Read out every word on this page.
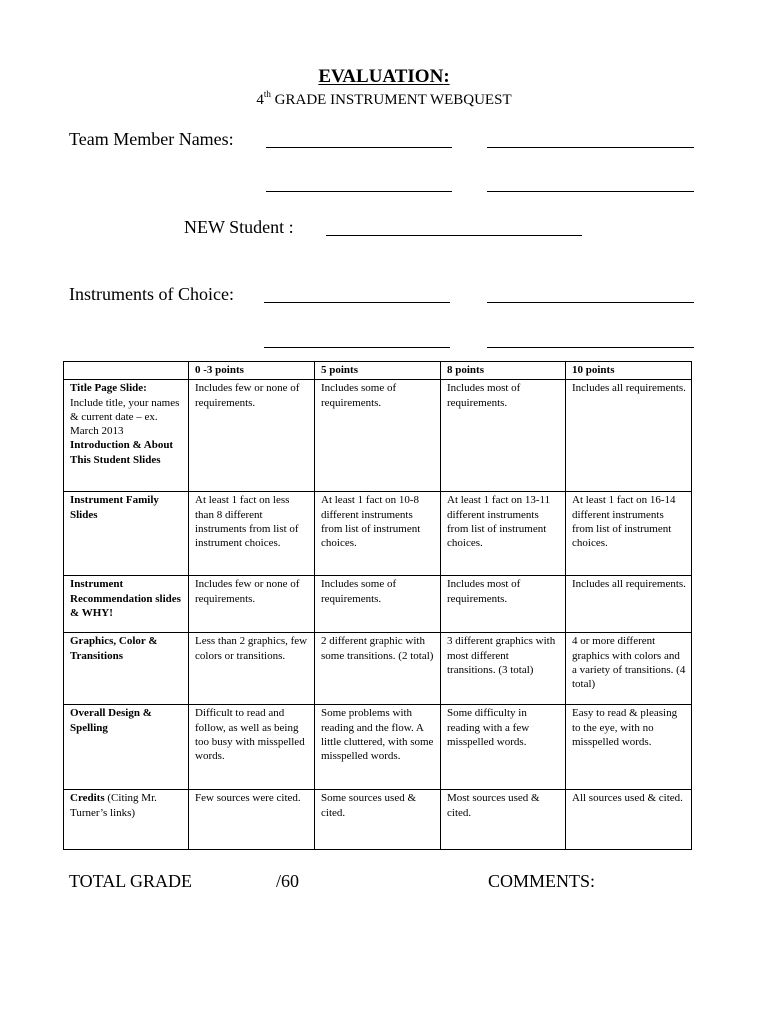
EVALUATION:
4th GRADE INSTRUMENT WEBQUEST
Team Member Names:
NEW Student :
Instruments of Choice:
	0 -3 points	5 points	8 points	10 points
Title Page Slide:
Include title, your names & current date – ex. March 2013
Introduction & About This Student Slides	Includes few or none of requirements.	Includes some of requirements.	Includes most of requirements.	Includes all requirements.
Instrument Family Slides	At least 1 fact on less than 8 different instruments from list of instrument choices.	At least 1 fact on 10-8 different instruments from list of instrument choices.	At least 1 fact on 13-11 different instruments from list of instrument choices.	At least 1 fact on 16-14 different instruments from list of instrument choices.
Instrument Recommendation slides & WHY!	Includes few or none of requirements.	Includes some of requirements.	Includes most of requirements.	Includes all requirements.
Graphics, Color & Transitions	Less than 2 graphics, few colors or transitions.	2 different graphic with some transitions. (2 total)	3 different graphics with most different transitions. (3 total)	4 or more different graphics with colors and a variety of transitions. (4 total)
Overall Design & Spelling	Difficult to read and follow, as well as being too busy with misspelled words.	Some problems with reading and the flow. A little cluttered, with some misspelled words.	Some difficulty in reading with a few misspelled words.	Easy to read & pleasing to the eye, with no misspelled words.
Credits (Citing Mr. Turner’s links)	Few sources were cited.	Some sources used & cited.	Most sources used & cited.	All sources used & cited.
TOTAL GRADE	/60	COMMENTS:
